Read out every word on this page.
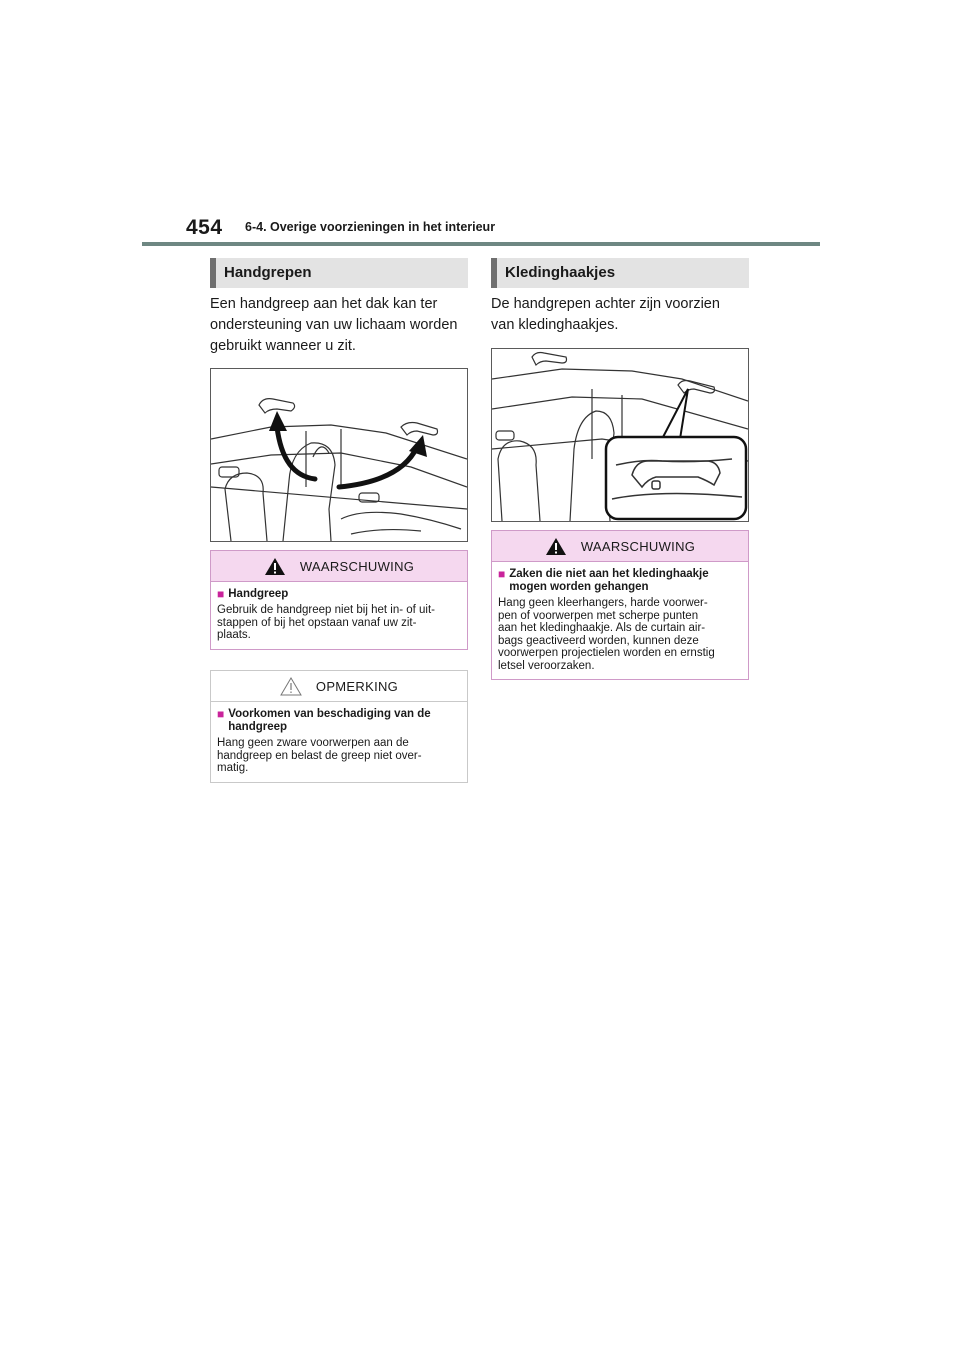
454 6-4. Overige voorzieningen in het interieur
Handgrepen
Een handgreep aan het dak kan ter
ondersteuning van uw lichaam worden
gebruikt wanneer u zit.
WAARSCHUWING
■ Handgreep
Gebruik de handgreep niet bij het in- of uit-
stappen of bij het opstaan vanaf uw zit-
plaats.
OPMERKING
■ Voorkomen van beschadiging van de
handgreep
Hang geen zware voorwerpen aan de
handgreep en belast de greep niet over-
matig.
Kledinghaakjes
De handgrepen achter zijn voorzien
van kledinghaakjes.
WAARSCHUWING
■ Zaken die niet aan het kledinghaakje
mogen worden gehangen
Hang geen kleerhangers, harde voorwer-
pen of voorwerpen met scherpe punten
aan het kledinghaakje. Als de curtain air-
bags geactiveerd worden, kunnen deze
voorwerpen projectielen worden en ernstig
letsel veroorzaken.
